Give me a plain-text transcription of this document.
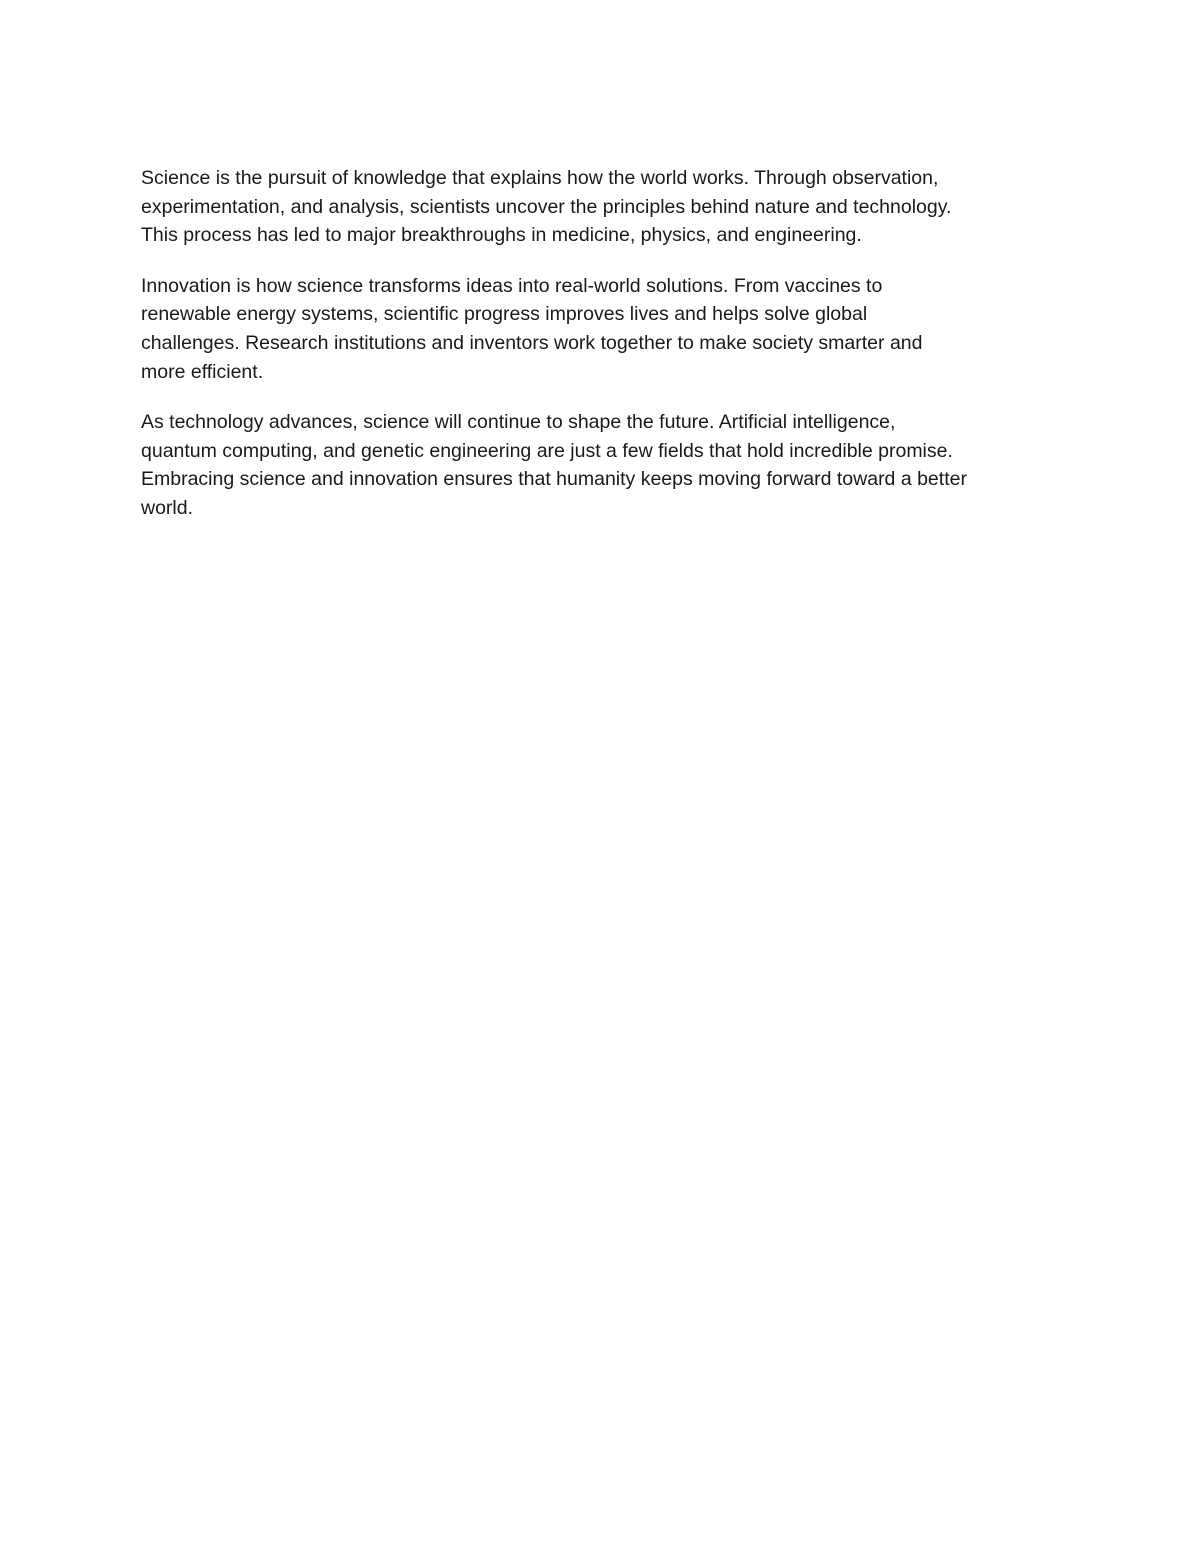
Science is the pursuit of knowledge that explains how the world works. Through observation,
experimentation, and analysis, scientists uncover the principles behind nature and technology.
This process has led to major breakthroughs in medicine, physics, and engineering.

Innovation is how science transforms ideas into real-world solutions. From vaccines to
renewable energy systems, scientific progress improves lives and helps solve global
challenges. Research institutions and inventors work together to make society smarter and
more efficient.

As technology advances, science will continue to shape the future. Artificial intelligence,
quantum computing, and genetic engineering are just a few fields that hold incredible promise.
Embracing science and innovation ensures that humanity keeps moving forward toward a better
world.
